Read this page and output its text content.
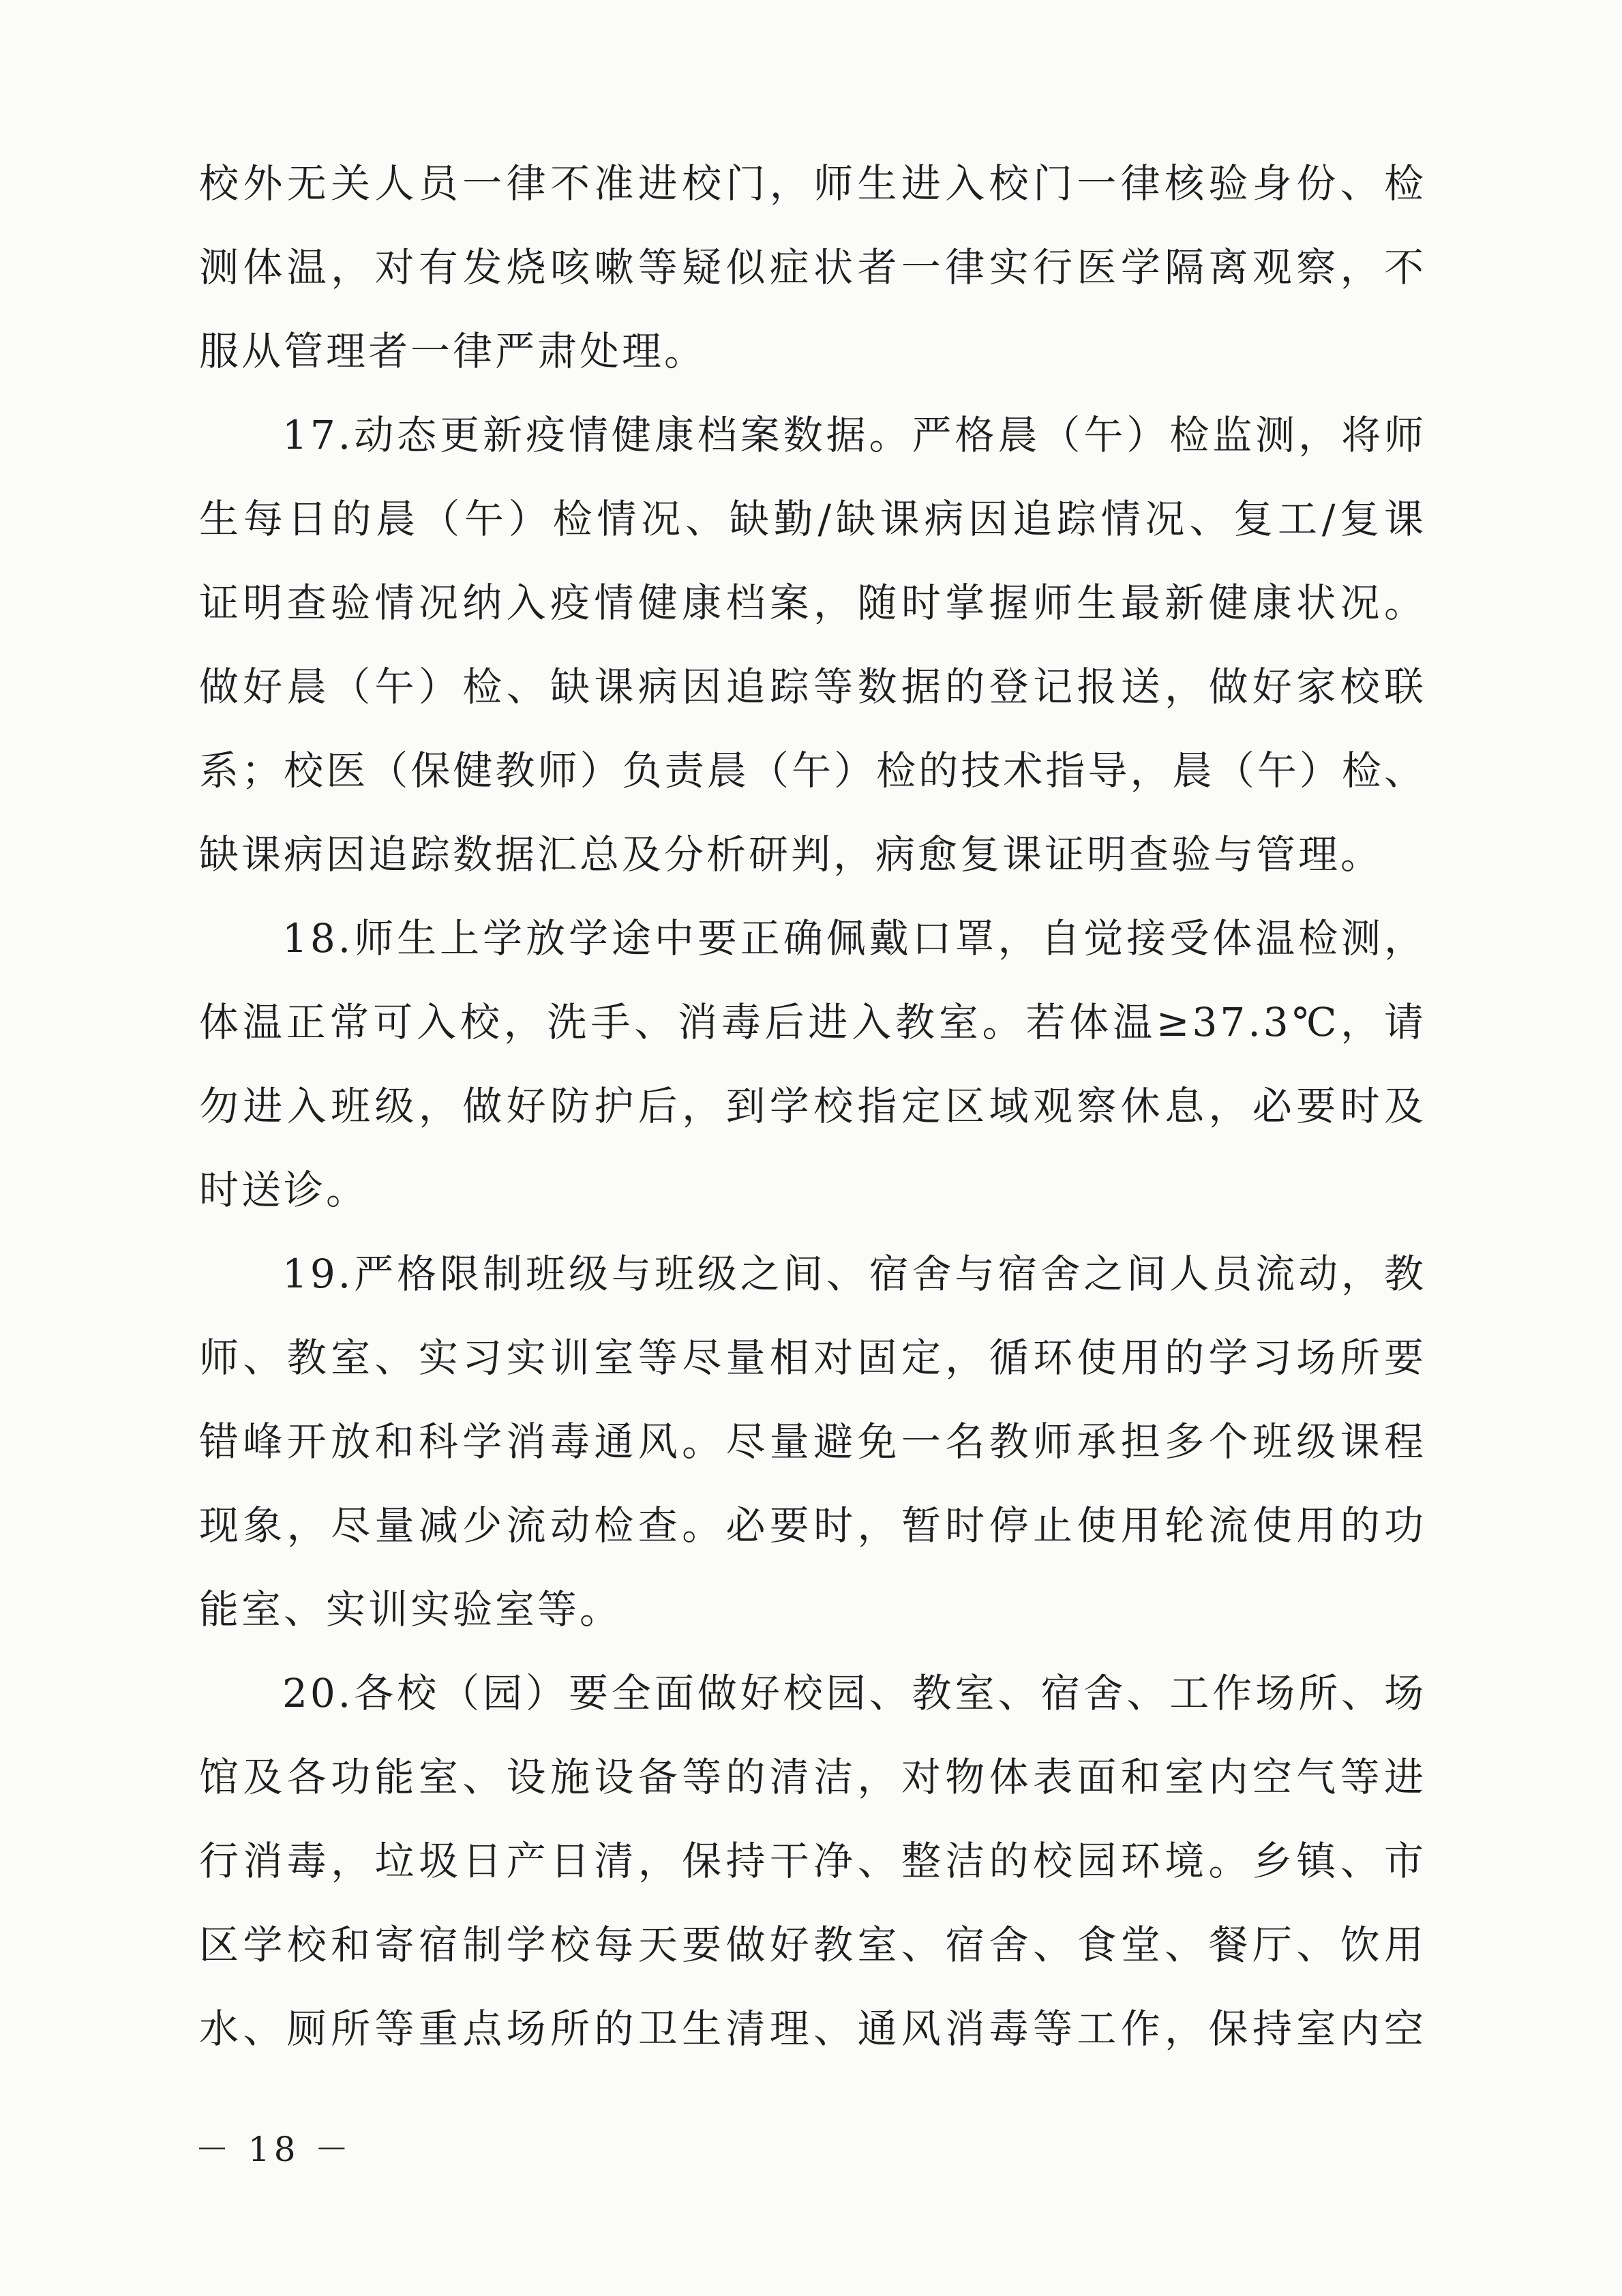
校外无关人员一律不准进校门，师生进入校门一律核验身份、检
测体温，对有发烧咳嗽等疑似症状者一律实行医学隔离观察，不
服从管理者一律严肃处理。
17.动态更新疫情健康档案数据。严格晨（午）检监测，将师
生每日的晨（午）检情况、缺勤/缺课病因追踪情况、复工/复课
证明查验情况纳入疫情健康档案，随时掌握师生最新健康状况。
做好晨（午）检、缺课病因追踪等数据的登记报送，做好家校联
系；校医（保健教师）负责晨（午）检的技术指导，晨（午）检、
缺课病因追踪数据汇总及分析研判，病愈复课证明查验与管理。
18.师生上学放学途中要正确佩戴口罩，自觉接受体温检测，
体温正常可入校，洗手、消毒后进入教室。若体温≥37.3℃，请
勿进入班级，做好防护后，到学校指定区域观察休息，必要时及
时送诊。
19.严格限制班级与班级之间、宿舍与宿舍之间人员流动，教
师、教室、实习实训室等尽量相对固定，循环使用的学习场所要
错峰开放和科学消毒通风。尽量避免一名教师承担多个班级课程
现象，尽量减少流动检查。必要时，暂时停止使用轮流使用的功
能室、实训实验室等。
20.各校（园）要全面做好校园、教室、宿舍、工作场所、场
馆及各功能室、设施设备等的清洁，对物体表面和室内空气等进
行消毒，垃圾日产日清，保持干净、整洁的校园环境。乡镇、市
区学校和寄宿制学校每天要做好教室、宿舍、食堂、餐厅、饮用
水、厕所等重点场所的卫生清理、通风消毒等工作，保持室内空
－ 18 －
